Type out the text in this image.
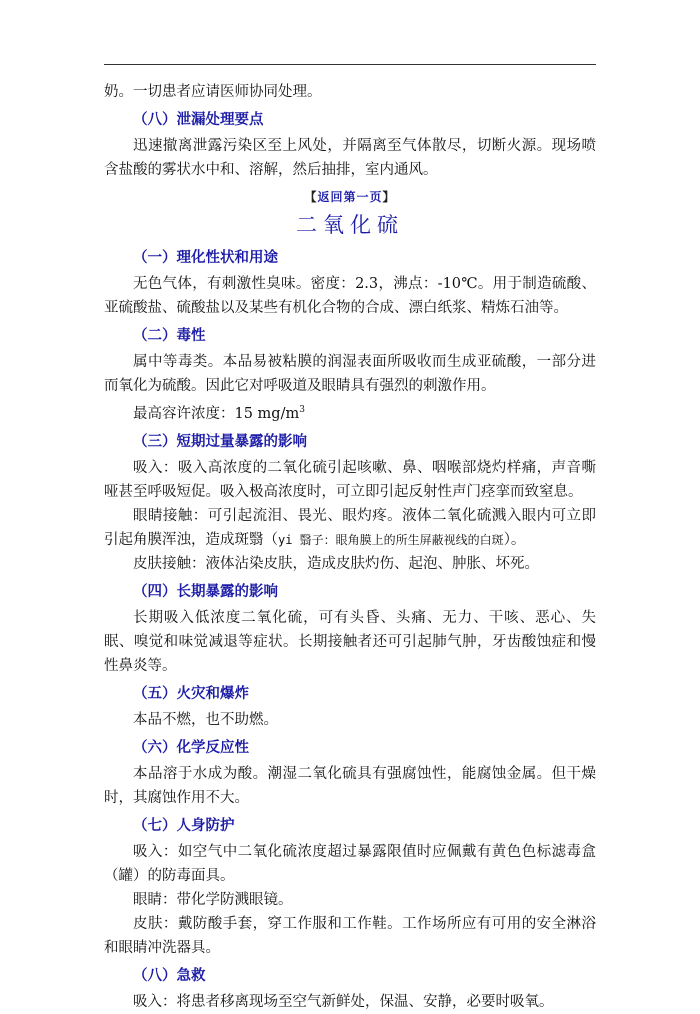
奶。一切患者应请医师协同处理。

（八）泄漏处理要点

迅速撤离泄露污染区至上风处，并隔离至气体散尽，切断火源。现场喷含盐酸的雾状水中和、溶解，然后抽排，室内通风。

【返回第一页】
二氧化硫

（一）理化性状和用途

无色气体，有刺激性臭味。密度：2.3，沸点：-10℃。用于制造硫酸、亚硫酸盐、硫酸盐以及某些有机化合物的合成、漂白纸浆、精炼石油等。

（二）毒性

属中等毒类。本品易被粘膜的润湿表面所吸收而生成亚硫酸，一部分进而氧化为硫酸。因此它对呼吸道及眼睛具有强烈的刺激作用。

最高容许浓度：15 $mg/m^3$

（三）短期过量暴露的影响

吸入：吸入高浓度的二氧化硫引起咳嗽、鼻、咽喉部烧灼样痛，声音嘶哑甚至呼吸短促。吸入极高浓度时，可立即引起反射性声门痉挛而致窒息。

眼睛接触：可引起流泪、畏光、眼灼疼。液体二氧化硫溅入眼内可立即引起角膜浑浊，造成斑翳（yi 翳子：眼角膜上的所生屏蔽视线的白斑）。

皮肤接触：液体沾染皮肤，造成皮肤灼伤、起泡、肿胀、坏死。

（四）长期暴露的影响

长期吸入低浓度二氧化硫，可有头昏、头痛、无力、干咳、恶心、失眠、嗅觉和味觉减退等症状。长期接触者还可引起肺气肿，牙齿酸蚀症和慢性鼻炎等。

（五）火灾和爆炸

本品不燃，也不助燃。

（六）化学反应性

本品溶于水成为酸。潮湿二氧化硫具有强腐蚀性，能腐蚀金属。但干燥时，其腐蚀作用不大。

（七）人身防护

吸入：如空气中二氧化硫浓度超过暴露限值时应佩戴有黄色色标滤毒盒（罐）的防毒面具。

眼睛：带化学防溅眼镜。

皮肤：戴防酸手套，穿工作服和工作鞋。工作场所应有可用的安全淋浴和眼睛冲洗器具。

（八）急救

吸入：将患者移离现场至空气新鲜处，保温、安静，必要时吸氧。
